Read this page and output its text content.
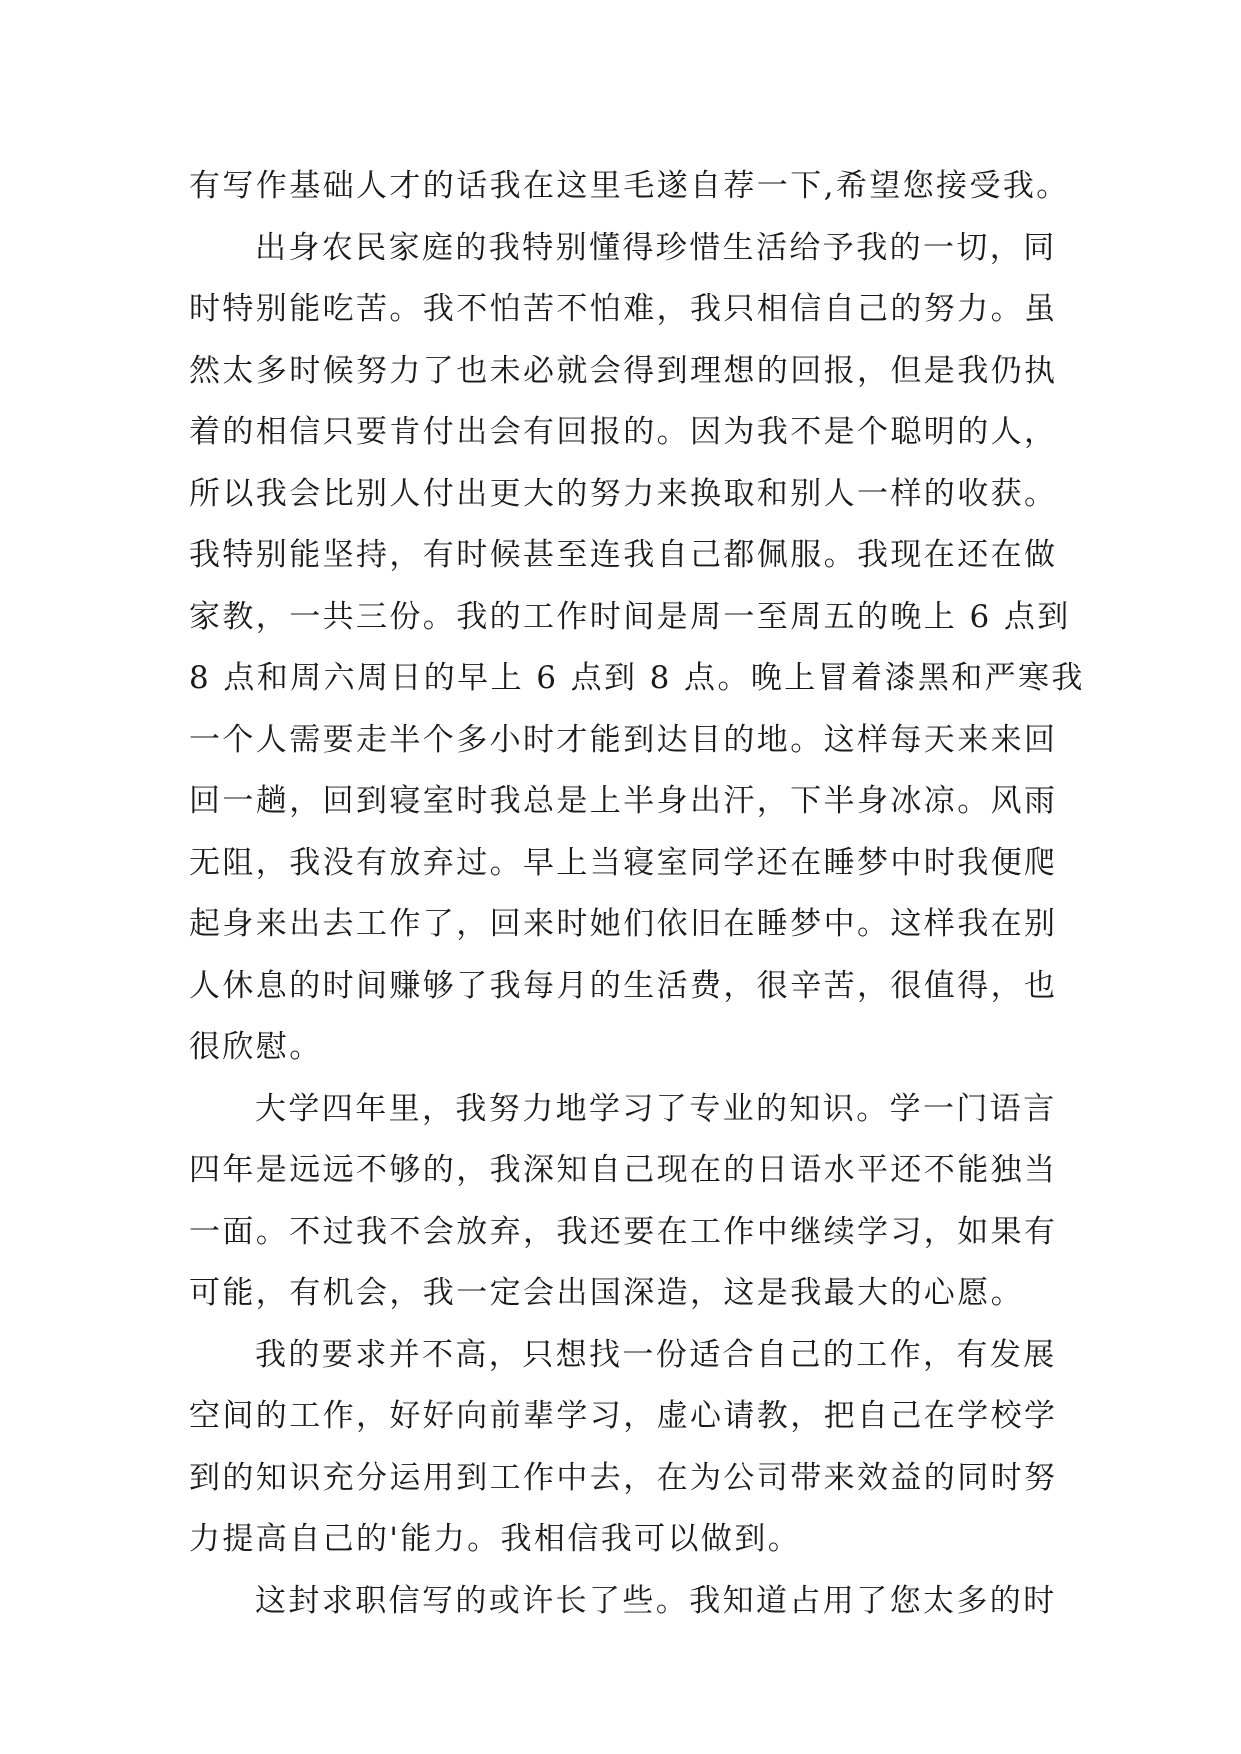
有写作基础人才的话我在这里毛遂自荐一下,希望您接受我。
出身农民家庭的我特别懂得珍惜生活给予我的一切，同
时特别能吃苦。我不怕苦不怕难，我只相信自己的努力。虽
然太多时候努力了也未必就会得到理想的回报，但是我仍执
着的相信只要肯付出会有回报的。因为我不是个聪明的人，
所以我会比别人付出更大的努力来换取和别人一样的收获。
我特别能坚持，有时候甚至连我自己都佩服。我现在还在做
家教，一共三份。我的工作时间是周一至周五的晚上 6 点到
8 点和周六周日的早上 6 点到 8 点。晚上冒着漆黑和严寒我
一个人需要走半个多小时才能到达目的地。这样每天来来回
回一趟，回到寝室时我总是上半身出汗，下半身冰凉。风雨
无阻，我没有放弃过。早上当寝室同学还在睡梦中时我便爬
起身来出去工作了，回来时她们依旧在睡梦中。这样我在别
人休息的时间赚够了我每月的生活费，很辛苦，很值得，也
很欣慰。
大学四年里，我努力地学习了专业的知识。学一门语言
四年是远远不够的，我深知自己现在的日语水平还不能独当
一面。不过我不会放弃，我还要在工作中继续学习，如果有
可能，有机会，我一定会出国深造，这是我最大的心愿。
我的要求并不高，只想找一份适合自己的工作，有发展
空间的工作，好好向前辈学习，虚心请教，把自己在学校学
到的知识充分运用到工作中去，在为公司带来效益的同时努
力提高自己的'能力。我相信我可以做到。
这封求职信写的或许长了些。我知道占用了您太多的时
